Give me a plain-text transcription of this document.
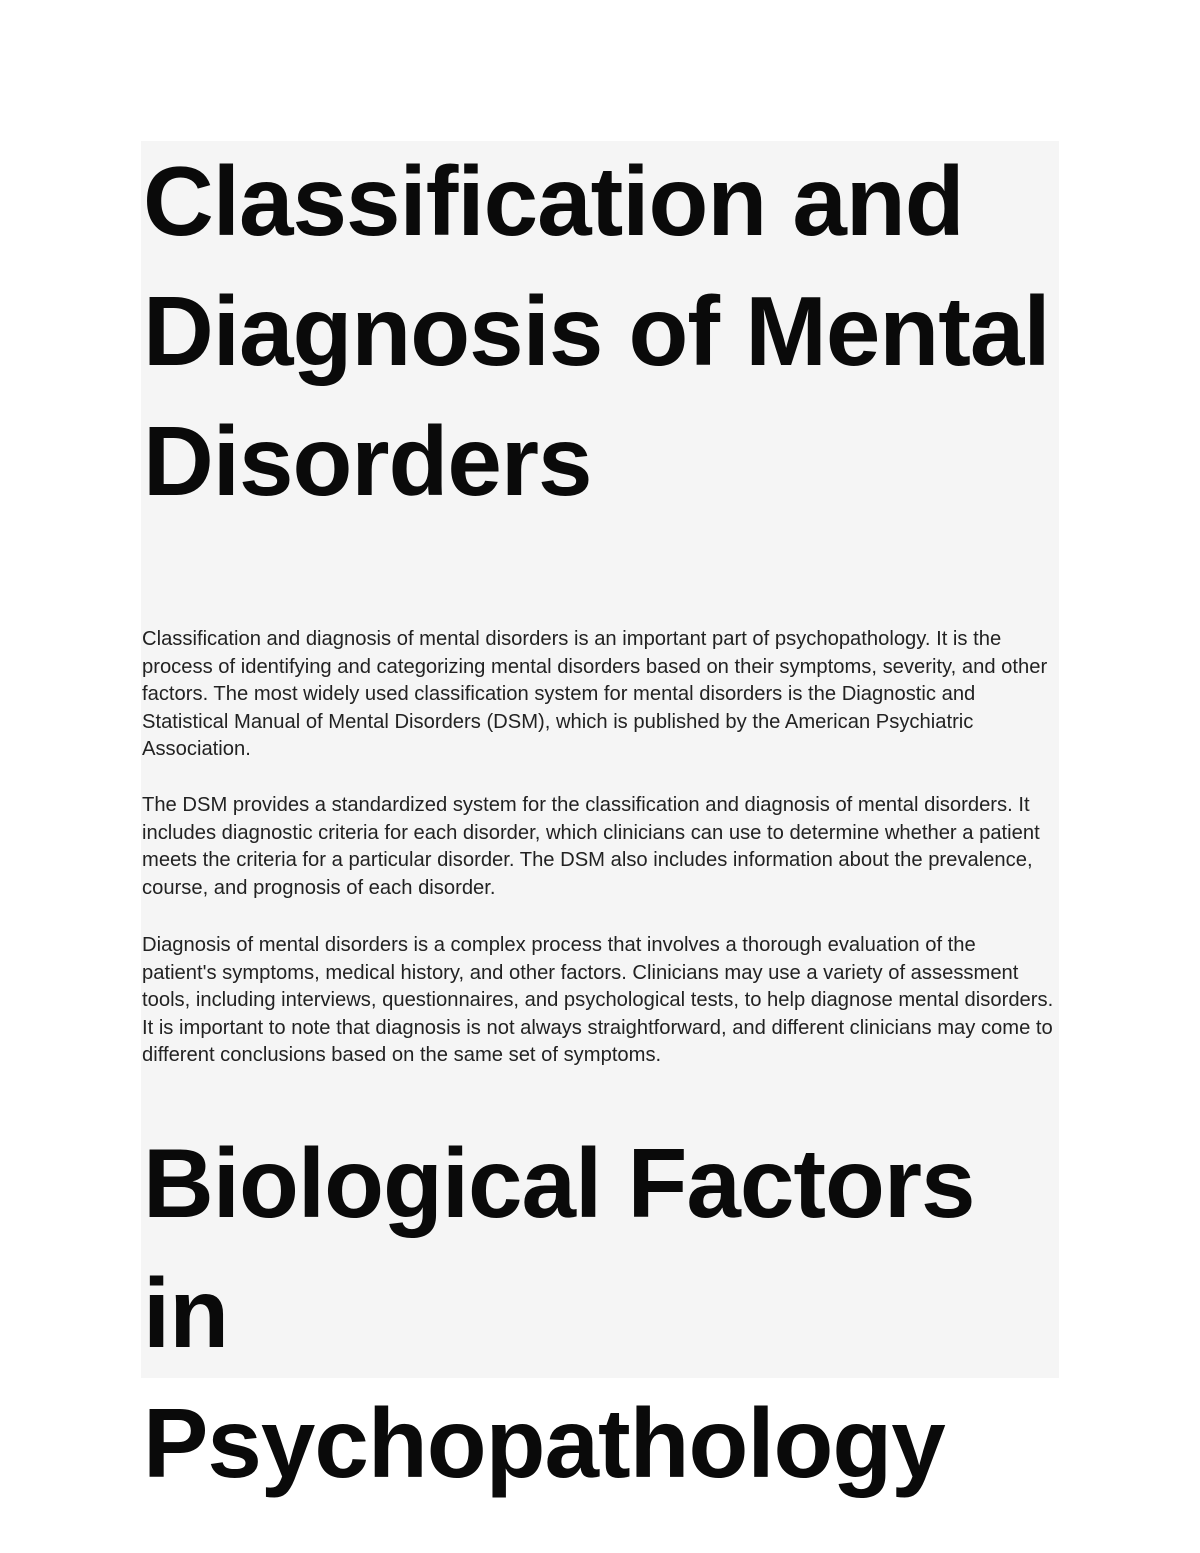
Classification and Diagnosis of Mental Disorders

Classification and diagnosis of mental disorders is an important part of psychopathology. It is the process of identifying and categorizing mental disorders based on their symptoms, severity, and other factors. The most widely used classification system for mental disorders is the Diagnostic and Statistical Manual of Mental Disorders (DSM), which is published by the American Psychiatric Association.

The DSM provides a standardized system for the classification and diagnosis of mental disorders. It includes diagnostic criteria for each disorder, which clinicians can use to determine whether a patient meets the criteria for a particular disorder. The DSM also includes information about the prevalence, course, and prognosis of each disorder.

Diagnosis of mental disorders is a complex process that involves a thorough evaluation of the patient's symptoms, medical history, and other factors. Clinicians may use a variety of assessment tools, including interviews, questionnaires, and psychological tests, to help diagnose mental disorders. It is important to note that diagnosis is not always straightforward, and different clinicians may come to different conclusions based on the same set of symptoms.

Biological Factors in Psychopathology
